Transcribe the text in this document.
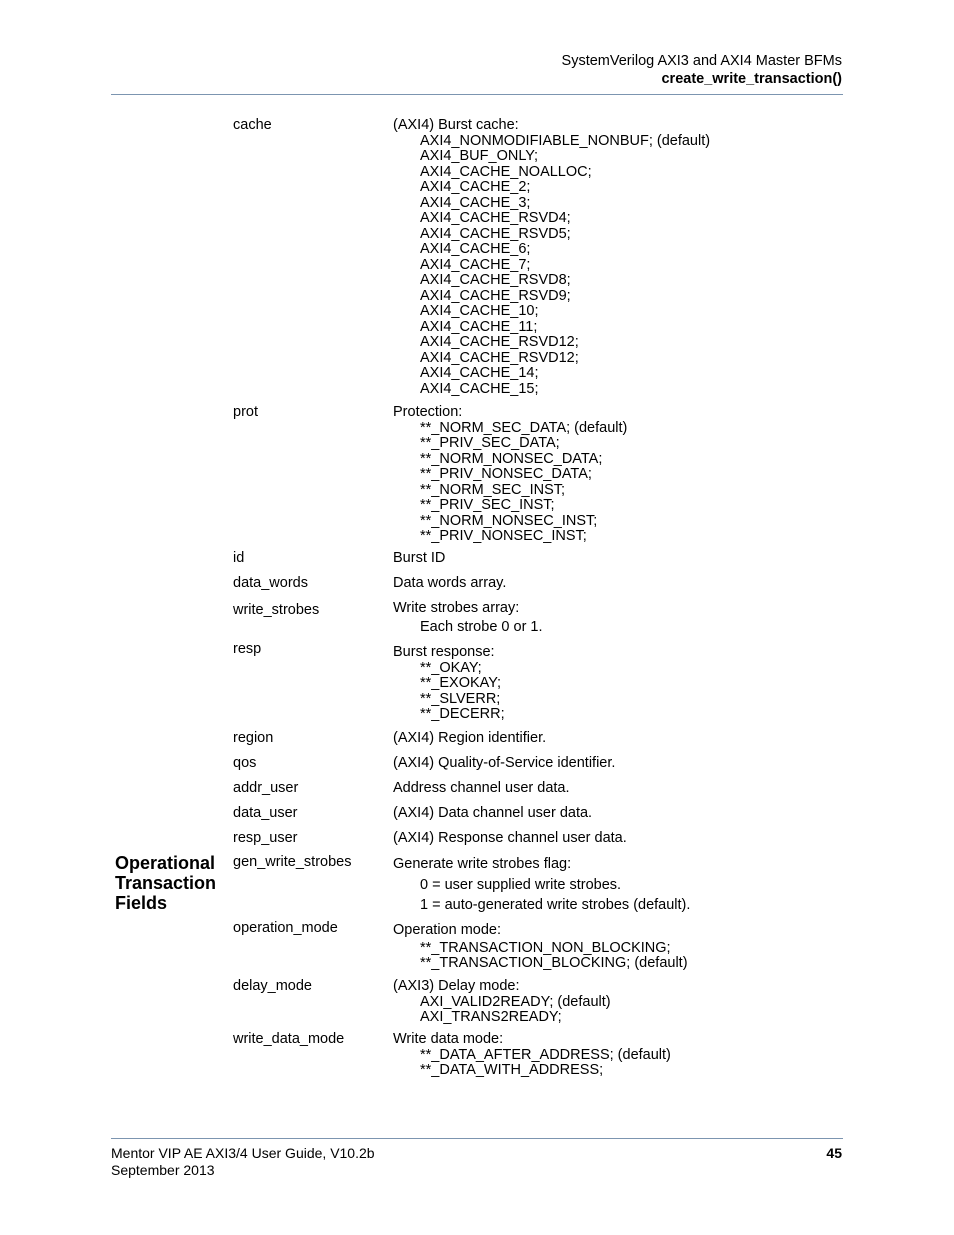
SystemVerilog AXI3 and AXI4 Master BFMs
create_write_transaction()
cache	(AXI4) Burst cache:
AXI4_NONMODIFIABLE_NONBUF; (default)
AXI4_BUF_ONLY;
AXI4_CACHE_NOALLOC;
AXI4_CACHE_2;
AXI4_CACHE_3;
AXI4_CACHE_RSVD4;
AXI4_CACHE_RSVD5;
AXI4_CACHE_6;
AXI4_CACHE_7;
AXI4_CACHE_RSVD8;
AXI4_CACHE_RSVD9;
AXI4_CACHE_10;
AXI4_CACHE_11;
AXI4_CACHE_RSVD12;
AXI4_CACHE_RSVD12;
AXI4_CACHE_14;
AXI4_CACHE_15;
prot	Protection:
**_NORM_SEC_DATA; (default)
**_PRIV_SEC_DATA;
**_NORM_NONSEC_DATA;
**_PRIV_NONSEC_DATA;
**_NORM_SEC_INST;
**_PRIV_SEC_INST;
**_NORM_NONSEC_INST;
**_PRIV_NONSEC_INST;
id	Burst ID
data_words	Data words array.
write_strobes	Write strobes array:
Each strobe 0 or 1.
resp	Burst response:
**_OKAY;
**_EXOKAY;
**_SLVERR;
**_DECERR;
region	(AXI4) Region identifier.
qos	(AXI4) Quality-of-Service identifier.
addr_user	Address channel user data.
data_user	(AXI4) Data channel user data.
resp_user	(AXI4) Response channel user data.
Operational
Transaction
Fields
gen_write_strobes	Generate write strobes flag:
0 = user supplied write strobes.
1 = auto-generated write strobes (default).
operation_mode	Operation mode:
**_TRANSACTION_NON_BLOCKING;
**_TRANSACTION_BLOCKING; (default)
delay_mode	(AXI3) Delay mode:
AXI_VALID2READY; (default)
AXI_TRANS2READY;
write_data_mode	Write data mode:
**_DATA_AFTER_ADDRESS; (default)
**_DATA_WITH_ADDRESS;
Mentor VIP AE AXI3/4 User Guide, V10.2b
September 2013
45
